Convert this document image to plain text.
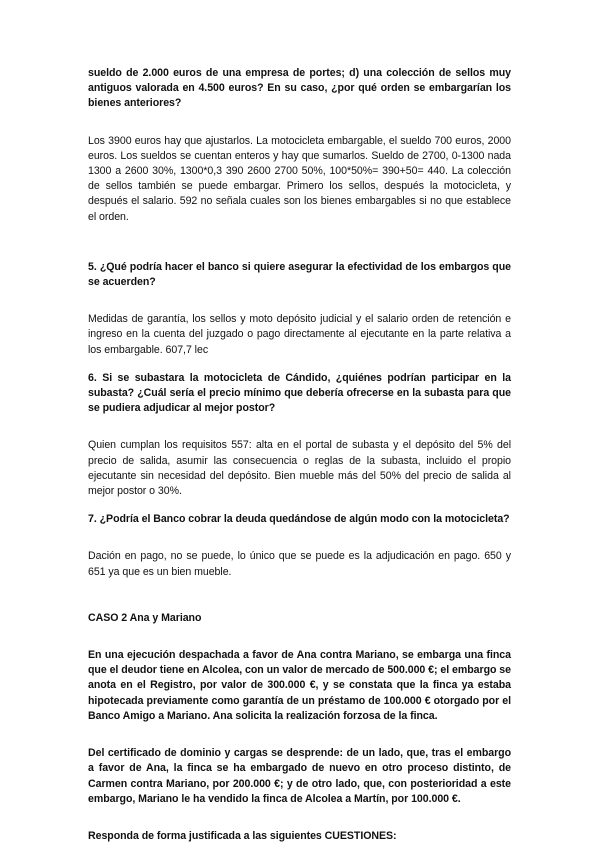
sueldo de 2.000 euros de una empresa de portes; d) una colección de sellos muy antiguos valorada en 4.500 euros? En su caso, ¿por qué orden se embargarían los bienes anteriores?

Los 3900 euros hay que ajustarlos. La motocicleta embargable, el sueldo 700 euros, 2000 euros. Los sueldos se cuentan enteros y hay que sumarlos. Sueldo de 2700, 0-1300 nada 1300 a 2600 30%, 1300*0,3 390 2600 2700 50%, 100*50%= 390+50= 440. La colección de sellos también se puede embargar. Primero los sellos, después la motocicleta, y después el salario. 592 no señala cuales son los bienes embargables si no que establece el orden.

5. ¿Qué podría hacer el banco si quiere asegurar la efectividad de los embargos que se acuerden?

Medidas de garantía, los sellos y moto depósito judicial y el salario orden de retención e ingreso en la cuenta del juzgado o pago directamente al ejecutante en la parte relativa a los embargable. 607,7 lec

6. Si se subastara la motocicleta de Cándido, ¿quiénes podrían participar en la subasta? ¿Cuál sería el precio mínimo que debería ofrecerse en la subasta para que se pudiera adjudicar al mejor postor?

Quien cumplan los requisitos 557: alta en el portal de subasta y el depósito del 5% del precio de salida, asumir las consecuencia o reglas de la subasta, incluido el propio ejecutante sin necesidad del depósito. Bien mueble más del 50% del precio de salida al mejor postor o 30%.

7. ¿Podría el Banco cobrar la deuda quedándose de algún modo con la motocicleta?

Dación en pago, no se puede, lo único que se puede es la adjudicación en pago. 650 y 651 ya que es un bien mueble.

CASO 2 Ana y Mariano

En una ejecución despachada a favor de Ana contra Mariano, se embarga una finca que el deudor tiene en Alcolea, con un valor de mercado de 500.000 €; el embargo se anota en el Registro, por valor de 300.000 €, y se constata que la finca ya estaba hipotecada previamente como garantía de un préstamo de 100.000 € otorgado por el Banco Amigo a Mariano. Ana solicita la realización forzosa de la finca.

Del certificado de dominio y cargas se desprende: de un lado, que, tras el embargo a favor de Ana, la finca se ha embargado de nuevo en otro proceso distinto, de Carmen contra Mariano, por 200.000 €; y de otro lado, que, con posterioridad a este embargo, Mariano le ha vendido la finca de Alcolea a Martín, por 100.000 €.

Responda de forma justificada a las siguientes CUESTIONES:
